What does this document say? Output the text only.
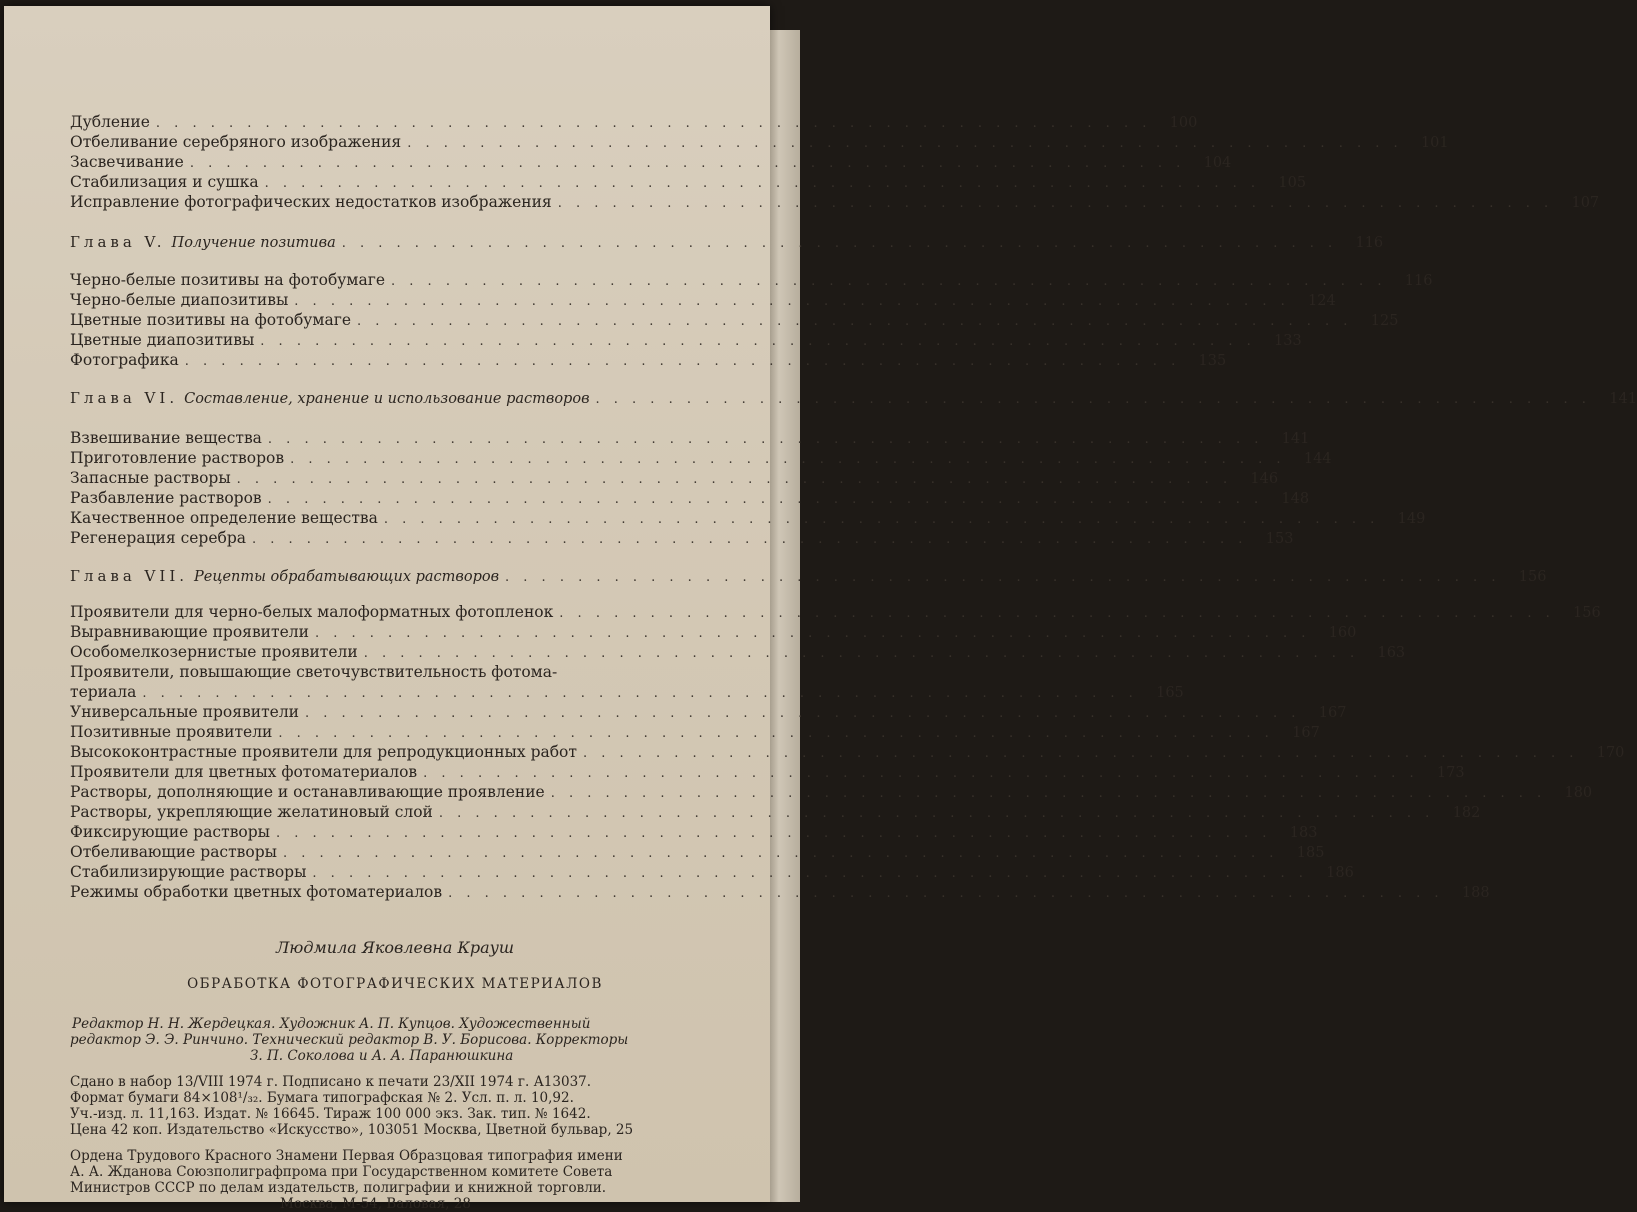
Дубление . . . . . . . . . . . . . . . . . . . . . . . . . . . . . . . . . . . . . . . . . . . . . . . . . . . . . . .	100
Отбеливание серебряного изображения . . . . . . . . . . . . . . . . . . . . . . . . . . . . . . . . . . . . . . . . . . . . . . . . . . . . . . .	101
Засвечивание . . . . . . . . . . . . . . . . . . . . . . . . . . . . . . . . . . . . . . . . . . . . . . . . . . . . . . .	104
Стабилизация и сушка . . . . . . . . . . . . . . . . . . . . . . . . . . . . . . . . . . . . . . . . . . . . . . . . . . . . . . .	105
Исправление фотографических недостатков изображения . . . . . . . . . . . . . . . . . . . . . . . . . . . . . . . . . . . . . . . . . . . . . . . . . . . . . . .	107
Глава V. Получение позитива . . . . . . . . . . . . . . . . . . . . . . . . . . . . . . . . . . . . . . . . . . . . . . . . . . . . . . .	116
Черно-белые позитивы на фотобумаге . . . . . . . . . . . . . . . . . . . . . . . . . . . . . . . . . . . . . . . . . . . . . . . . . . . . . . .	116
Черно-белые диапозитивы . . . . . . . . . . . . . . . . . . . . . . . . . . . . . . . . . . . . . . . . . . . . . . . . . . . . . . .	124
Цветные позитивы на фотобумаге . . . . . . . . . . . . . . . . . . . . . . . . . . . . . . . . . . . . . . . . . . . . . . . . . . . . . . .	125
Цветные диапозитивы . . . . . . . . . . . . . . . . . . . . . . . . . . . . . . . . . . . . . . . . . . . . . . . . . . . . . . .	133
Фотографика . . . . . . . . . . . . . . . . . . . . . . . . . . . . . . . . . . . . . . . . . . . . . . . . . . . . . . .	135
Глава VI. Составление, хранение и использование растворов . . . . . . . . . . . . . . . . . . . . . . . . . . . . . . . . . . . . . . . . . . . . . . . . . . . . . . .	141
Взвешивание вещества . . . . . . . . . . . . . . . . . . . . . . . . . . . . . . . . . . . . . . . . . . . . . . . . . . . . . . .	141
Приготовление растворов . . . . . . . . . . . . . . . . . . . . . . . . . . . . . . . . . . . . . . . . . . . . . . . . . . . . . . .	144
Запасные растворы . . . . . . . . . . . . . . . . . . . . . . . . . . . . . . . . . . . . . . . . . . . . . . . . . . . . . . .	146
Разбавление растворов . . . . . . . . . . . . . . . . . . . . . . . . . . . . . . . . . . . . . . . . . . . . . . . . . . . . . . .	148
Качественное определение вещества . . . . . . . . . . . . . . . . . . . . . . . . . . . . . . . . . . . . . . . . . . . . . . . . . . . . . . .	149
Регенерация серебра . . . . . . . . . . . . . . . . . . . . . . . . . . . . . . . . . . . . . . . . . . . . . . . . . . . . . . .	153
Глава VII. Рецепты обрабатывающих растворов . . . . . . . . . . . . . . . . . . . . . . . . . . . . . . . . . . . . . . . . . . . . . . . . . . . . . . .	156
Проявители для черно-белых малоформатных фотопленок . . . . . . . . . . . . . . . . . . . . . . . . . . . . . . . . . . . . . . . . . . . . . . . . . . . . . . .	156
Выравнивающие проявители . . . . . . . . . . . . . . . . . . . . . . . . . . . . . . . . . . . . . . . . . . . . . . . . . . . . . . .	160
Особомелкозернистые проявители . . . . . . . . . . . . . . . . . . . . . . . . . . . . . . . . . . . . . . . . . . . . . . . . . . . . . . .	163
Проявители, повышающие светочувствительность фотома-
териала . . . . . . . . . . . . . . . . . . . . . . . . . . . . . . . . . . . . . . . . . . . . . . . . . . . . . . .	165
Универсальные проявители . . . . . . . . . . . . . . . . . . . . . . . . . . . . . . . . . . . . . . . . . . . . . . . . . . . . . . .	167
Позитивные проявители . . . . . . . . . . . . . . . . . . . . . . . . . . . . . . . . . . . . . . . . . . . . . . . . . . . . . . .	167
Высококонтрастные проявители для репродукционных работ . . . . . . . . . . . . . . . . . . . . . . . . . . . . . . . . . . . . . . . . . . . . . . . . . . . . . . .	170
Проявители для цветных фотоматериалов . . . . . . . . . . . . . . . . . . . . . . . . . . . . . . . . . . . . . . . . . . . . . . . . . . . . . . .	173
Растворы, дополняющие и останавливающие проявление . . . . . . . . . . . . . . . . . . . . . . . . . . . . . . . . . . . . . . . . . . . . . . . . . . . . . . .	180
Растворы, укрепляющие желатиновый слой . . . . . . . . . . . . . . . . . . . . . . . . . . . . . . . . . . . . . . . . . . . . . . . . . . . . . . .	182
Фиксирующие растворы . . . . . . . . . . . . . . . . . . . . . . . . . . . . . . . . . . . . . . . . . . . . . . . . . . . . . . .	183
Отбеливающие растворы . . . . . . . . . . . . . . . . . . . . . . . . . . . . . . . . . . . . . . . . . . . . . . . . . . . . . . .	185
Стабилизирующие растворы . . . . . . . . . . . . . . . . . . . . . . . . . . . . . . . . . . . . . . . . . . . . . . . . . . . . . . .	186
Режимы обработки цветных фотоматериалов . . . . . . . . . . . . . . . . . . . . . . . . . . . . . . . . . . . . . . . . . . . . . . . . . . . . . . .	188
Людмила Яковлевна Крауш
ОБРАБОТКА ФОТОГРАФИЧЕСКИХ МАТЕРИАЛОВ
Редактор Н. Н. Жердецкая. Художник А. П. Купцов. Художественный
редактор Э. Э. Ринчино. Технический редактор В. У. Борисова. Корректоры
З. П. Соколова и А. А. Паранюшкина
Сдано в набор 13/VIII 1974 г. Подписано к печати 23/XII 1974 г. А13037.
Формат бумаги 84×108¹/₃₂. Бумага типографская № 2. Усл. п. л. 10,92.
Уч.-изд. л. 11,163. Издат. № 16645. Тираж 100 000 экз. Зак. тип. № 1642.
Цена 42 коп. Издательство «Искусство», 103051 Москва, Цветной бульвар, 25
Ордена Трудового Красного Знамени Первая Образцовая типография имени
А. А. Жданова Союзполиграфпрома при Государственном комитете Совета
Министров СССР по делам издательств, полиграфии и книжной торговли.
Москва, М-54, Валовая, 28
